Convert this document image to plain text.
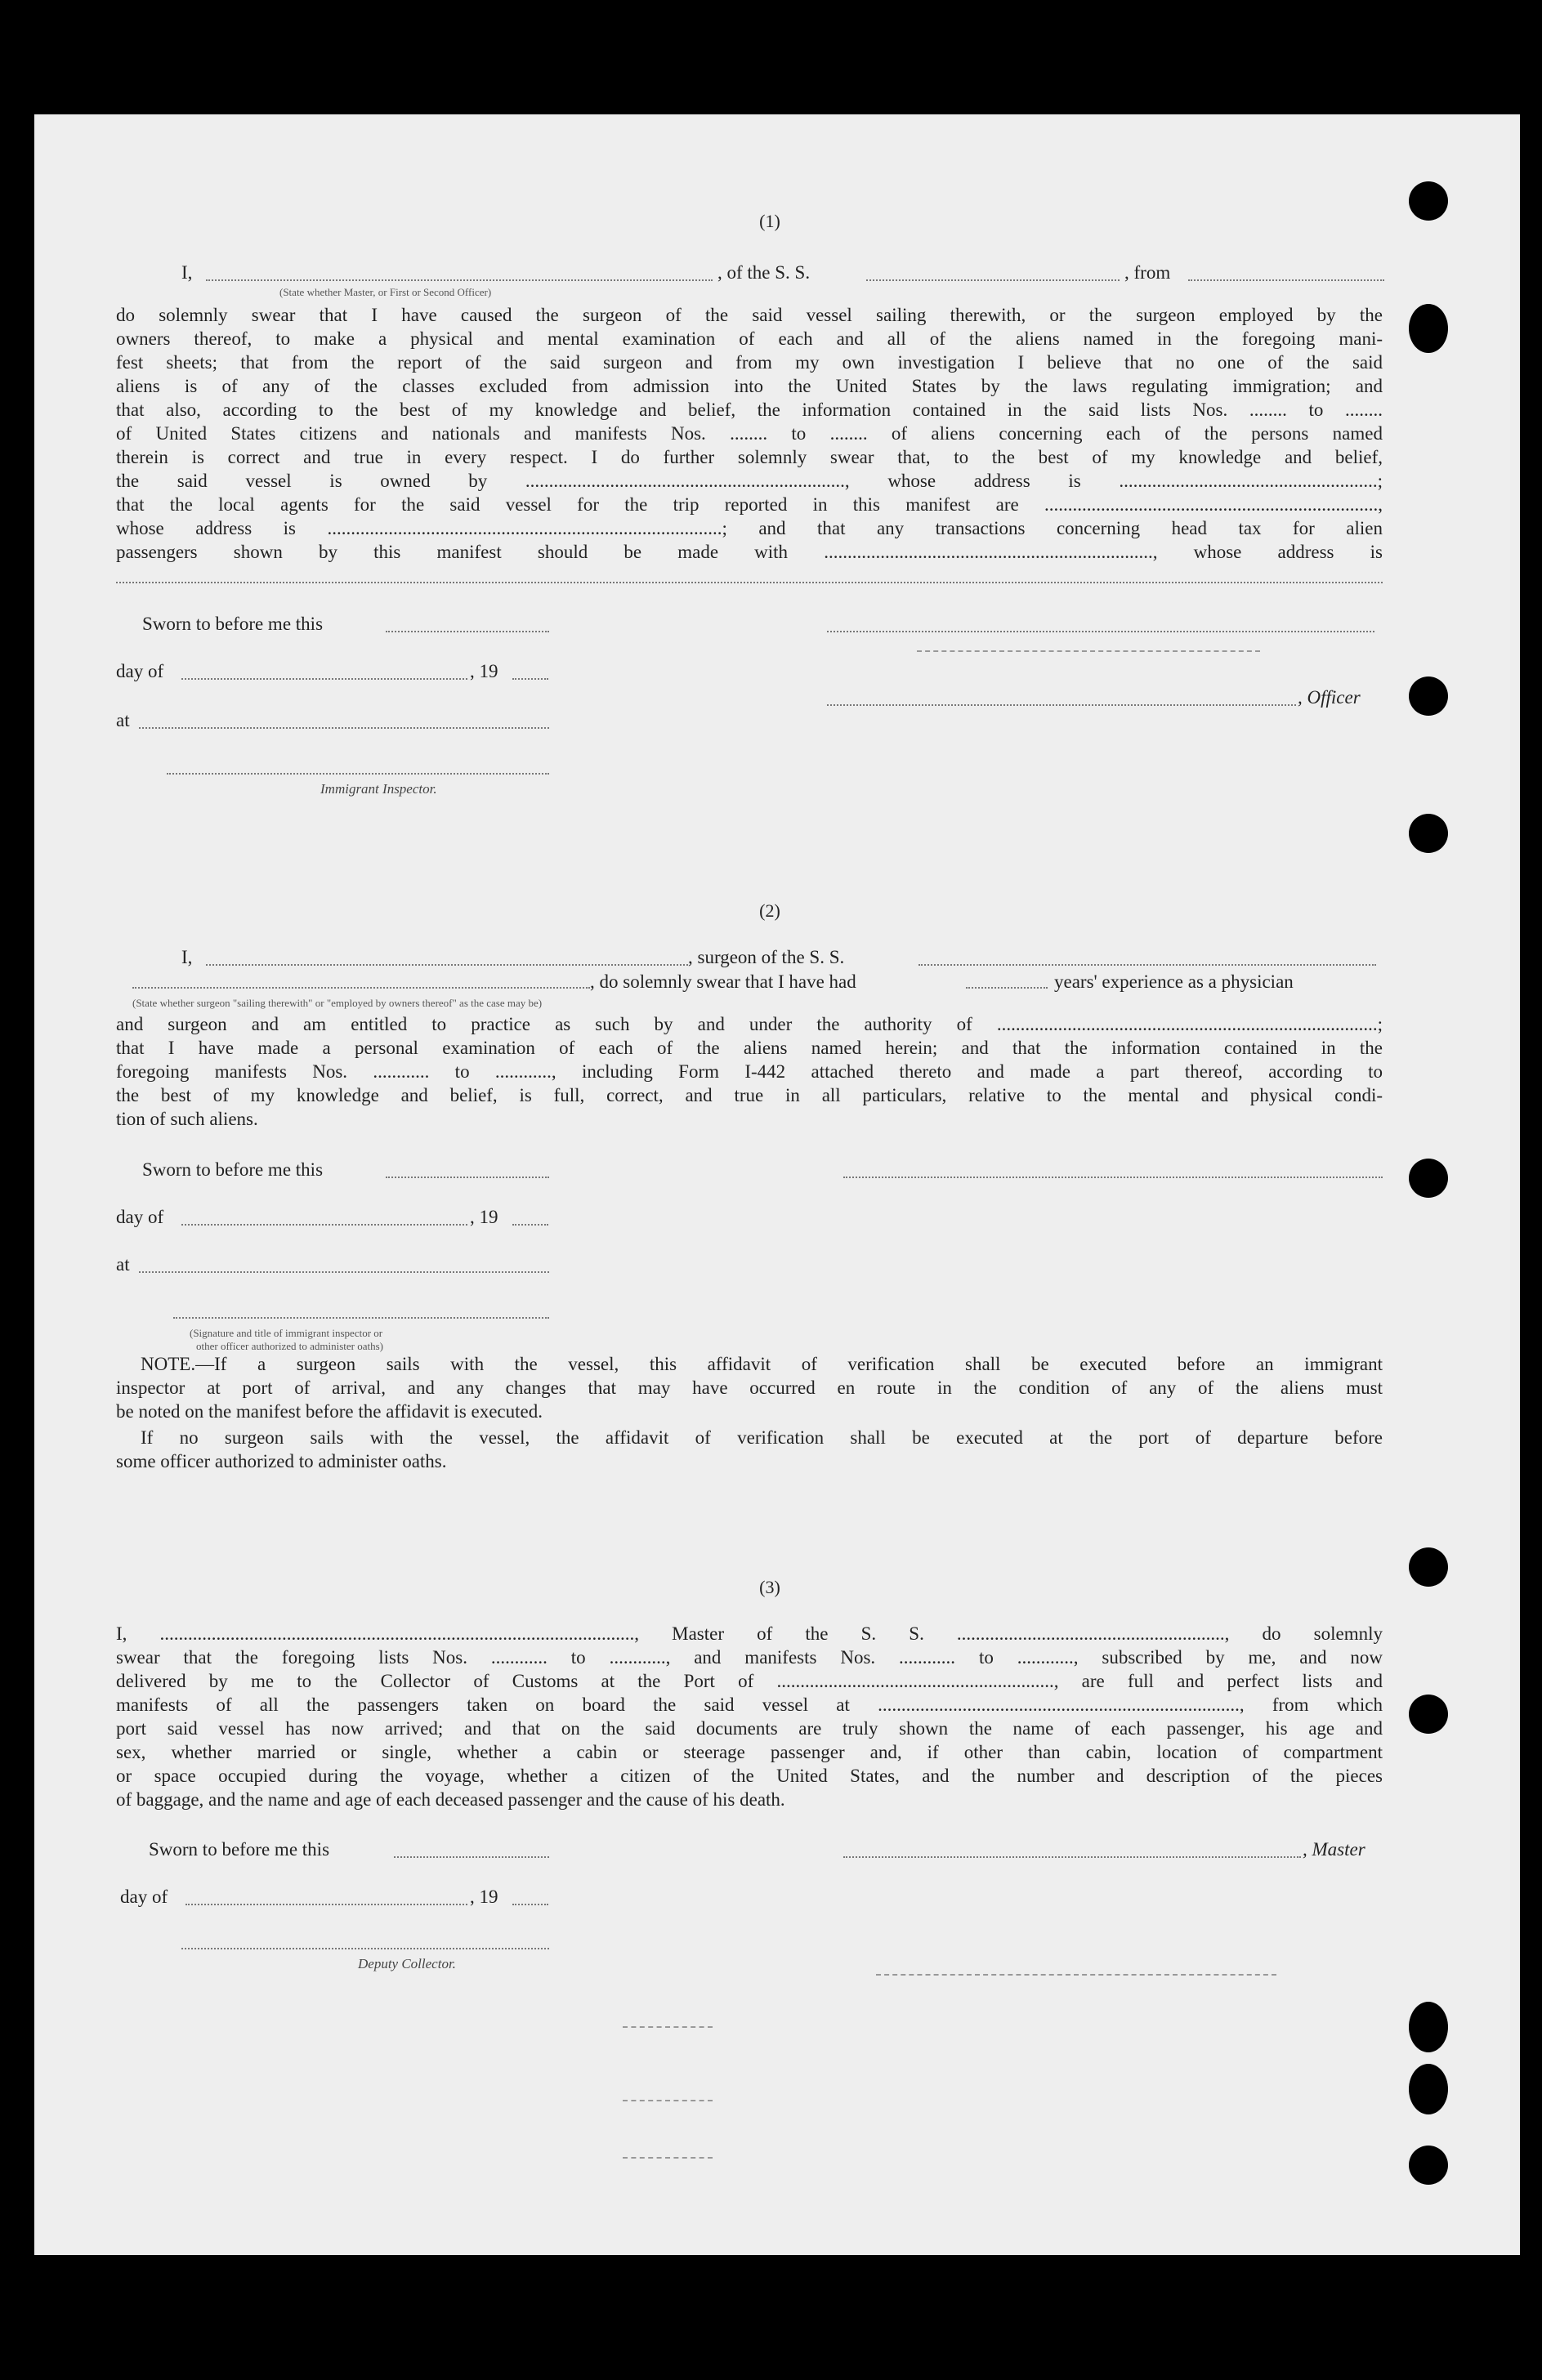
(1)
I,	, of the S. S.	, from
(State whether Master, or First or Second Officer)
do solemnly swear that I have caused the surgeon of the said vessel sailing therewith, or the surgeon employed by the
owners thereof, to make a physical and mental examination of each and all of the aliens named in the foregoing mani-
fest sheets; that from the report of the said surgeon and from my own investigation I believe that no one of the said
aliens is of any of the classes excluded from admission into the United States by the laws regulating immigration; and
that also, according to the best of my knowledge and belief, the information contained in the said lists Nos. ........ to ........
of United States citizens and nationals and manifests Nos. ........ to ........ of aliens concerning each of the persons named
therein is correct and true in every respect. I do further solemnly swear that, to the best of my knowledge and belief,
the said vessel is owned by ...................................................................., whose address is .......................................................;
that the local agents for the said vessel for the trip reported in this manifest are .......................................................................,
whose address is ....................................................................................; and that any transactions concerning head tax for alien
passengers shown by this manifest should be made with ......................................................................, whose address is
Sworn to before me this
day of	, 19
, Officer
at
Immigrant Inspector.
(2)
I,	, surgeon of the S. S.
, do solemnly swear that I have had	years' experience as a physician
(State whether surgeon "sailing therewith" or "employed by owners thereof" as the case may be)
and surgeon and am entitled to practice as such by and under the authority of .................................................................................;
that I have made a personal examination of each of the aliens named herein; and that the information contained in the
foregoing manifests Nos. ............ to ............, including Form I-442 attached thereto and made a part thereof, according to
the best of my knowledge and belief, is full, correct, and true in all particulars, relative to the mental and physical condi-
tion of such aliens.
Sworn to before me this
day of	, 19
at
(Signature and title of immigrant inspector or
other officer authorized to administer oaths)
NOTE.—If a surgeon sails with the vessel, this affidavit of verification shall be executed before an immigrant
inspector at port of arrival, and any changes that may have occurred en route in the condition of any of the aliens must
be noted on the manifest before the affidavit is executed.
If no surgeon sails with the vessel, the affidavit of verification shall be executed at the port of departure before
some officer authorized to administer oaths.
(3)
I, ....................................................................................................., Master of the S. S. ........................................................., do solemnly
swear that the foregoing lists Nos. ............ to ............, and manifests Nos. ............ to ............, subscribed by me, and now
delivered by me to the Collector of Customs at the Port of ..........................................................., are full and perfect lists and
manifests of all the passengers taken on board the said vessel at ............................................................................., from which
port said vessel has now arrived; and that on the said documents are truly shown the name of each passenger, his age and
sex, whether married or single, whether a cabin or steerage passenger and, if other than cabin, location of compartment
or space occupied during the voyage, whether a citizen of the United States, and the number and description of the pieces
of baggage, and the name and age of each deceased passenger and the cause of his death.
Sworn to before me this	, Master
day of	, 19
Deputy Collector.
